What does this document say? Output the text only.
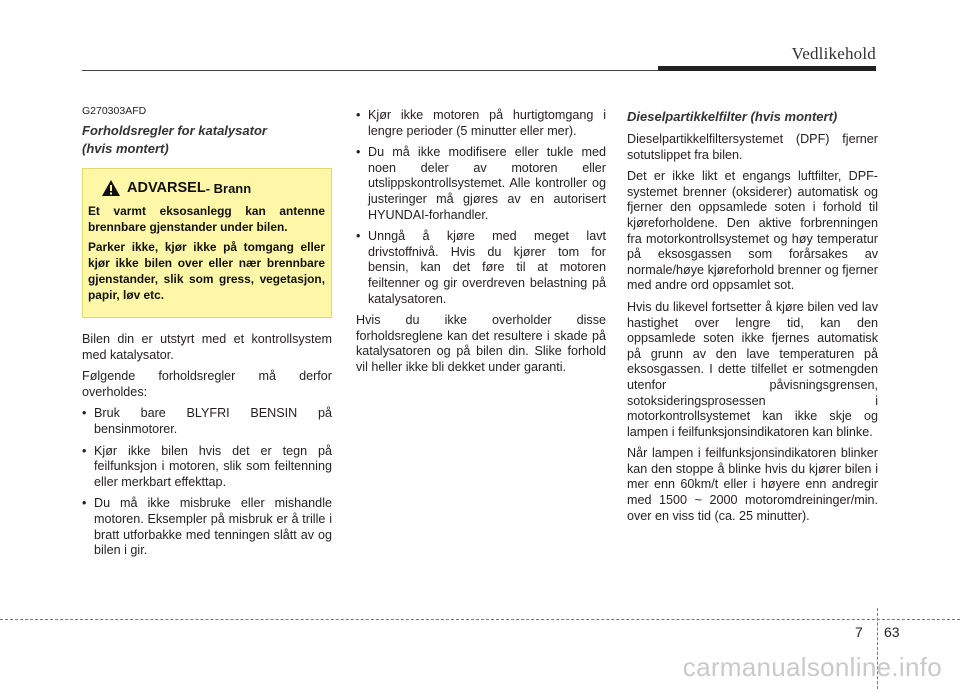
Vedlikehold
G270303AFD
Forholdsregler for katalysator
(hvis montert)
ADVARSEL - Brann

Et varmt eksosanlegg kan antenne brennbare gjenstander under bilen.

Parker ikke, kjør ikke på tomgang eller kjør ikke bilen over eller nær brennbare gjenstander, slik som gress, vegetasjon, papir, løv etc.

Bilen din er utstyrt med et kontrollsystem med katalysator.

Følgende forholdsregler må derfor overholdes:

• Bruk bare BLYFRI BENSIN på bensinmotorer.
• Kjør ikke bilen hvis det er tegn på feilfunksjon i motoren, slik som feiltenning eller merkbart effekttap.
• Du må ikke misbruke eller mishandle motoren. Eksempler på misbruk er å trille i bratt utforbakke med tenningen slått av og bilen i gir.
• Kjør ikke motoren på hurtigtomgang i lengre perioder (5 minutter eller mer).
• Du må ikke modifisere eller tukle med noen deler av motoren eller utslippskontrollsystemet. Alle kontroller og justeringer må gjøres av en autorisert HYUNDAI-forhandler.
• Unngå å kjøre med meget lavt drivstoffnivå. Hvis du kjører tom for bensin, kan det føre til at motoren feiltenner og gir overdreven belastning på katalysatoren.

Hvis du ikke overholder disse forholdsreglene kan det resultere i skade på katalysatoren og på bilen din. Slike forhold vil heller ikke bli dekket under garanti.

Dieselpartikkelfilter (hvis montert)

Dieselpartikkelfiltersystemet (DPF) fjerner sotutslippet fra bilen.

Det er ikke likt et engangs luftfilter, DPF-systemet brenner (oksiderer) automatisk og fjerner den oppsamlede soten i forhold til kjøreforholdene. Den aktive forbrenningen fra motorkontrollsystemet og høy temperatur på eksosgassen som forårsakes av normale/høye kjøreforhold brenner og fjerner med andre ord oppsamlet sot.

Hvis du likevel fortsetter å kjøre bilen ved lav hastighet over lengre tid, kan den oppsamlede soten ikke fjernes automatisk på grunn av den lave temperaturen på eksosgassen. I dette tilfellet er sotmengden utenfor påvisningsgrensen, sotoksideringsprosessen i motorkontrollsystemet kan ikke skje og lampen i feilfunksjonsindikatoren kan blinke.

Når lampen i feilfunksjonsindikatoren blinker kan den stoppe å blinke hvis du kjører bilen i mer enn 60km/t eller i høyere enn andregir med 1500 ~ 2000 motoromdreininger/min. over en viss tid (ca. 25 minutter).

7 63
carmanualsonline.info
